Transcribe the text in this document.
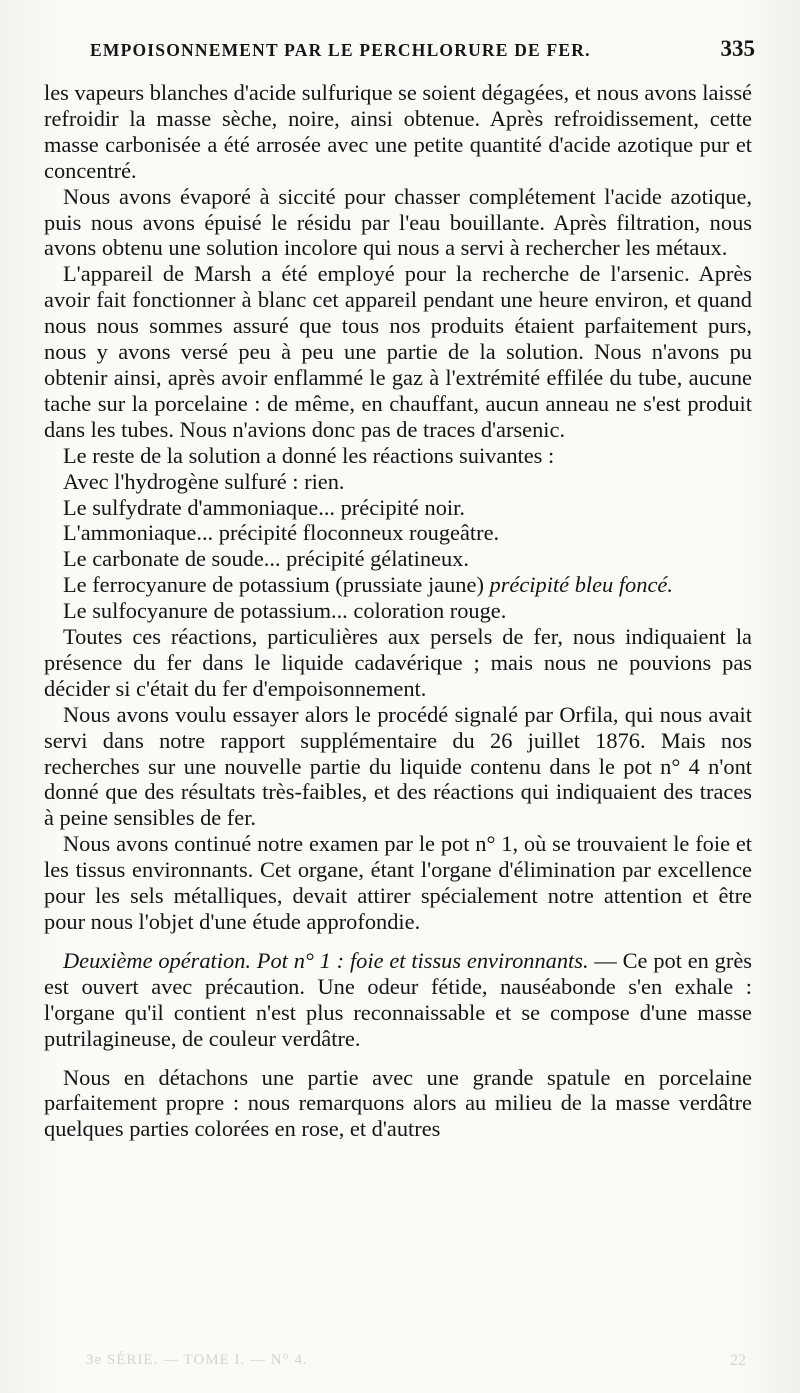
EMPOISONNEMENT PAR LE PERCHLORURE DE FER.	335

les vapeurs blanches d'acide sulfurique se soient dégagées, et nous avons laissé refroidir la masse sèche, noire, ainsi obtenue. Après refroidissement, cette masse carbonisée a été arrosée avec une petite quantité d'acide azotique pur et concentré.

Nous avons évaporé à siccité pour chasser complétement l'acide azotique, puis nous avons épuisé le résidu par l'eau bouillante. Après filtration, nous avons obtenu une solution incolore qui nous a servi à rechercher les métaux.

L'appareil de Marsh a été employé pour la recherche de l'arsenic. Après avoir fait fonctionner à blanc cet appareil pendant une heure environ, et quand nous nous sommes assuré que tous nos produits étaient parfaitement purs, nous y avons versé peu à peu une partie de la solution. Nous n'avons pu obtenir ainsi, après avoir enflammé le gaz à l'extrémité effilée du tube, aucune tache sur la porcelaine : de même, en chauffant, aucun anneau ne s'est produit dans les tubes. Nous n'avions donc pas de traces d'arsenic.

Le reste de la solution a donné les réactions suivantes :

Avec l'hydrogène sulfuré : rien.

Le sulfydrate d'ammoniaque... précipité noir.

L'ammoniaque... précipité floconneux rougeâtre.

Le carbonate de soude... précipité gélatineux.

Le ferrocyanure de potassium (prussiate jaune) précipité bleu foncé.

Le sulfocyanure de potassium... coloration rouge.

Toutes ces réactions, particulières aux persels de fer, nous indiquaient la présence du fer dans le liquide cadavérique ; mais nous ne pouvions pas décider si c'était du fer d'empoisonnement.

Nous avons voulu essayer alors le procédé signalé par Orfila, qui nous avait servi dans notre rapport supplémentaire du 26 juillet 1876. Mais nos recherches sur une nouvelle partie du liquide contenu dans le pot n° 4 n'ont donné que des résultats très-faibles, et des réactions qui indiquaient des traces à peine sensibles de fer.

Nous avons continué notre examen par le pot n° 1, où se trouvaient le foie et les tissus environnants. Cet organe, étant l'organe d'élimination par excellence pour les sels métalliques, devait attirer spécialement notre attention et être pour nous l'objet d'une étude approfondie.

Deuxième opération. Pot n° 1 : foie et tissus environnants. — Ce pot en grès est ouvert avec précaution. Une odeur fétide, nauséabonde s'en exhale : l'organe qu'il contient n'est plus reconnaissable et se compose d'une masse putrilagineuse, de couleur verdâtre.

Nous en détachons une partie avec une grande spatule en porcelaine parfaitement propre : nous remarquons alors au milieu de la masse verdâtre quelques parties colorées en rose, et d'autres

3e SÉRIE. — TOME I. — N° 4.	22
